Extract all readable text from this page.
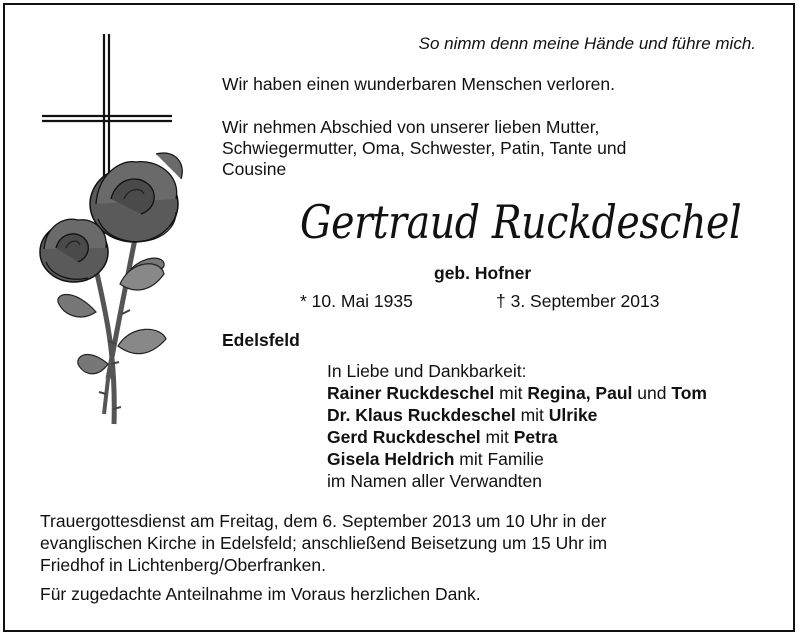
So nimm denn meine Hände und führe mich.
Wir haben einen wunderbaren Menschen verloren.
Wir nehmen Abschied von unserer lieben Mutter,
Schwiegermutter, Oma, Schwester, Patin, Tante und
Cousine
Gertraud Ruckdeschel
geb. Hofner
* 10. Mai 1935	† 3. September 2013
Edelsfeld
In Liebe und Dankbarkeit:
Rainer Ruckdeschel mit Regina, Paul und Tom
Dr. Klaus Ruckdeschel mit Ulrike
Gerd Ruckdeschel mit Petra
Gisela Heldrich mit Familie
im Namen aller Verwandten
Trauergottesdienst am Freitag, dem 6. September 2013 um 10 Uhr in der
evanglischen Kirche in Edelsfeld; anschließend Beisetzung um 15 Uhr im
Friedhof in Lichtenberg/Oberfranken.
Für zugedachte Anteilnahme im Voraus herzlichen Dank.
